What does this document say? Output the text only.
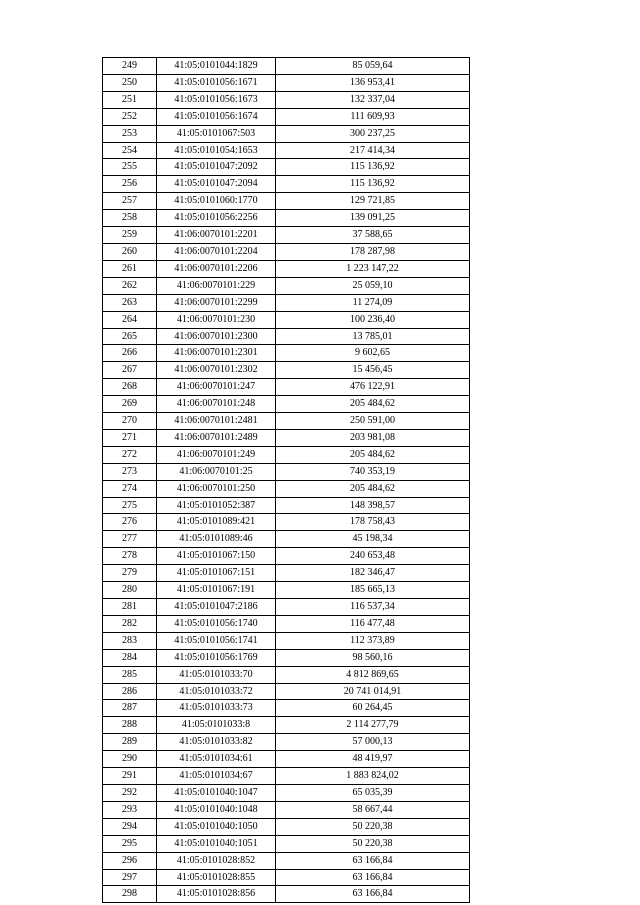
249	41:05:0101044:1829	85 059,64
250	41:05:0101056:1671	136 953,41
251	41:05:0101056:1673	132 337,04
252	41:05:0101056:1674	111 609,93
253	41:05:0101067:503	300 237,25
254	41:05:0101054:1653	217 414,34
255	41:05:0101047:2092	115 136,92
256	41:05:0101047:2094	115 136,92
257	41:05:0101060:1770	129 721,85
258	41:05:0101056:2256	139 091,25
259	41:06:0070101:2201	37 588,65
260	41:06:0070101:2204	178 287,98
261	41:06:0070101:2206	1 223 147,22
262	41:06:0070101:229	25 059,10
263	41:06:0070101:2299	11 274,09
264	41:06:0070101:230	100 236,40
265	41:06:0070101:2300	13 785,01
266	41:06:0070101:2301	9 602,65
267	41:06:0070101:2302	15 456,45
268	41:06:0070101:247	476 122,91
269	41:06:0070101:248	205 484,62
270	41:06:0070101:2481	250 591,00
271	41:06:0070101:2489	203 981,08
272	41:06:0070101:249	205 484,62
273	41:06:0070101:25	740 353,19
274	41:06:0070101:250	205 484,62
275	41:05:0101052:387	148 398,57
276	41:05:0101089:421	178 758,43
277	41:05:0101089:46	45 198,34
278	41:05:0101067:150	240 653,48
279	41:05:0101067:151	182 346,47
280	41:05:0101067:191	185 665,13
281	41:05:0101047:2186	116 537,34
282	41:05:0101056:1740	116 477,48
283	41:05:0101056:1741	112 373,89
284	41:05:0101056:1769	98 560,16
285	41:05:0101033:70	4 812 869,65
286	41:05:0101033:72	20 741 014,91
287	41:05:0101033:73	60 264,45
288	41:05:0101033:8	2 114 277,79
289	41:05:0101033:82	57 000,13
290	41:05:0101034:61	48 419,97
291	41:05:0101034:67	1 883 824,02
292	41:05:0101040:1047	65 035,39
293	41:05:0101040:1048	58 667,44
294	41:05:0101040:1050	50 220,38
295	41:05:0101040:1051	50 220,38
296	41:05:0101028:852	63 166,84
297	41:05:0101028:855	63 166,84
298	41:05:0101028:856	63 166,84
